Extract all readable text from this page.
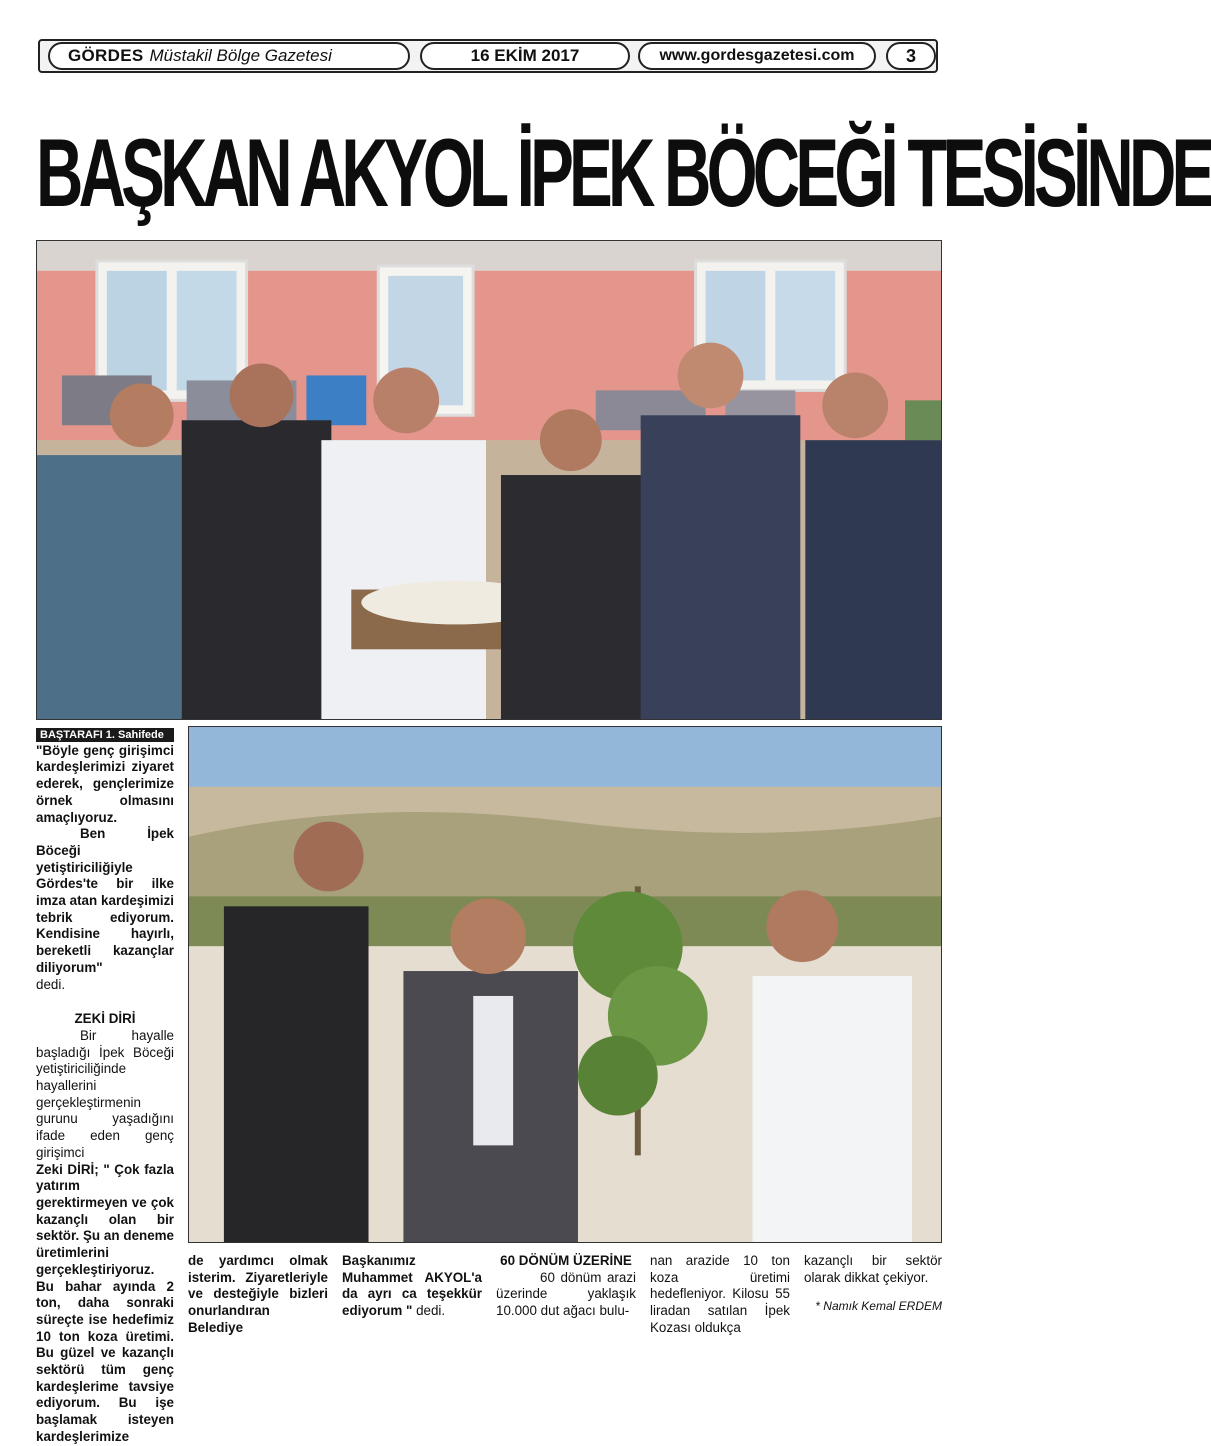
GÖRDES Müstakil Bölge Gazetesi	16 EKİM 2017	www.gordesgazetesi.com	3
BAŞKAN AKYOL İPEK BÖCEĞİ TESİSİNDE
BAŞTARAFI 1. Sahifede

"Böyle genç girişimci kardeşlerimizi ziyaret ederek, gençlerimize örnek olmasını amaçlıyoruz.

Ben İpek Böceği yetiştiriciliğiyle Gördes'te bir ilke imza atan kardeşimizi tebrik ediyorum. Kendisine hayırlı, bereketli kazançlar diliyorum"

dedi.

ZEKİ DİRİ

Bir hayalle başladığı İpek Böceği yetiştiriciliğinde hayallerini gerçekleştirmenin gurunu yaşadığını ifade eden genç girişimci

Zeki DİRİ; " Çok fazla yatırım gerektirmeyen ve çok kazançlı olan bir sektör. Şu an deneme üretimlerini gerçekleştiriyoruz. Bu bahar ayında 2 ton, daha sonraki süreçte ise hedefimiz 10 ton koza üretimi. Bu güzel ve kazançlı sektörü tüm genç kardeşlerime tavsiye ediyorum. Bu işe başlamak isteyen kardeşlerimize

de yardımcı olmak isterim. Ziyaretleriyle ve desteğiyle bizleri onurlandıran Belediye

Başkanımız Muhammet AKYOL'a da ayrı ca teşekkür ediyorum " dedi.

60 DÖNÜM ÜZERİNE

60 dönüm arazi üzerinde yaklaşık 10.000 dut ağacı bulu-

nan arazide 10 ton koza üretimi hedefleniyor. Kilosu 55 liradan satılan İpek Kozası oldukça

kazançlı bir sektör olarak dikkat çekiyor.

* Namık Kemal ERDEM
